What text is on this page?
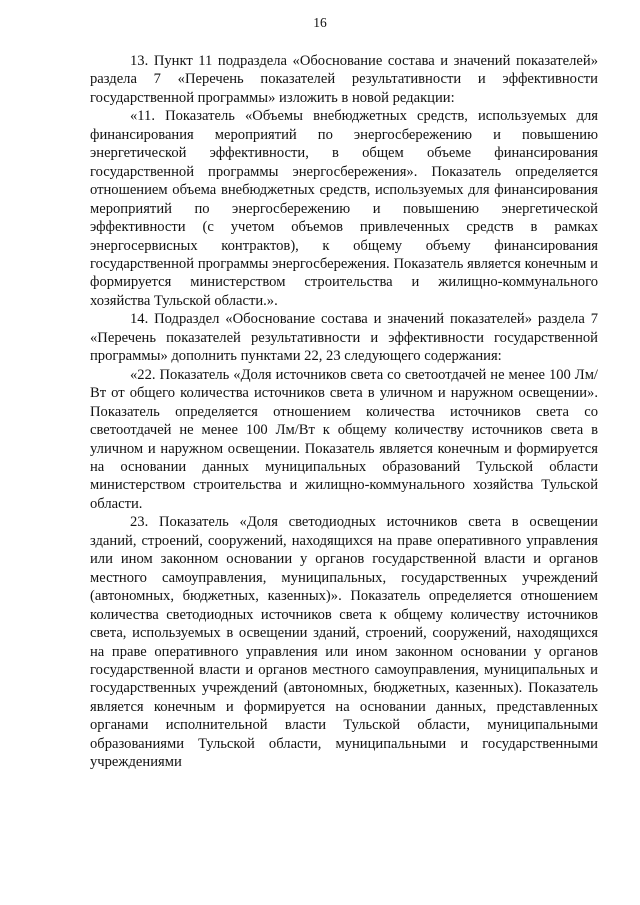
16

13. Пункт 11 подраздела «Обоснование состава и значений показателей» раздела 7 «Перечень показателей результативности и эффективности государственной программы» изложить в новой редакции:

«11. Показатель «Объемы внебюджетных средств, используемых для финансирования мероприятий по энергосбережению и повышению энергетической эффективности, в общем объеме финансирования государственной программы энергосбережения». Показатель определяется отношением объема внебюджетных средств, используемых для финансирования мероприятий по энергосбережению и повышению энергетической эффективности (с учетом объемов привлеченных средств в рамках энергосервисных контрактов), к общему объему финансирования государственной программы энергосбережения. Показатель является конечным и формируется министерством строительства и жилищно-коммунального хозяйства Тульской области.».

14. Подраздел «Обоснование состава и значений показателей» раздела 7 «Перечень показателей результативности и эффективности государственной программы» дополнить пунктами 22, 23 следующего содержания:

«22. Показатель «Доля источников света со светоотдачей не менее 100 Лм/Вт от общего количества источников света в уличном и наружном освещении». Показатель определяется отношением количества источников света со светоотдачей не менее 100 Лм/Вт к общему количеству источников света в уличном и наружном освещении. Показатель является конечным и формируется на основании данных муниципальных образований Тульской области министерством строительства и жилищно-коммунального хозяйства Тульской области.

23. Показатель «Доля светодиодных источников света в освещении зданий, строений, сооружений, находящихся на праве оперативного управления или ином законном основании у органов государственной власти и органов местного самоуправления, муниципальных, государственных учреждений (автономных, бюджетных, казенных)». Показатель определяется отношением количества светодиодных источников света к общему количеству источников света, используемых в освещении зданий, строений, сооружений, находящихся на праве оперативного управления или ином законном основании у органов государственной власти и органов местного самоуправления, муниципальных и государственных учреждений (автономных, бюджетных, казенных). Показатель является конечным и формируется на основании данных, представленных органами исполнительной власти Тульской области, муниципальными образованиями Тульской области, муниципальными и государственными учреждениями
